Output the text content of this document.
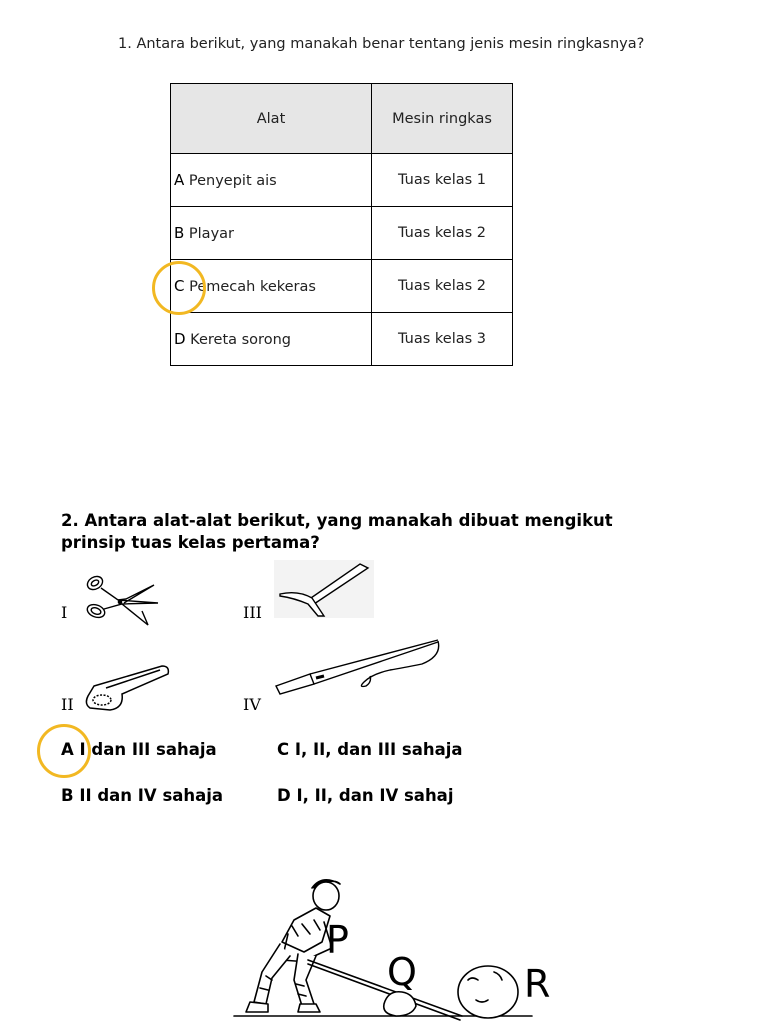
1. Antara berikut, yang manakah benar tentang jenis mesin ringkasnya?
Alat	Mesin ringkas
A Penyepit ais	Tuas kelas 1
B Playar	Tuas kelas 2
C Pemecah kekeras	Tuas kelas 2
D Kereta sorong	Tuas kelas 3
2. Antara alat-alat berikut, yang manakah dibuat mengikut prinsip tuas kelas pertama?
I
II
III
IV
A I dan III sahaja	C I, II, dan III sahaja
B II dan IV sahaja	D I, II, dan IV sahaj
P
Q	R
